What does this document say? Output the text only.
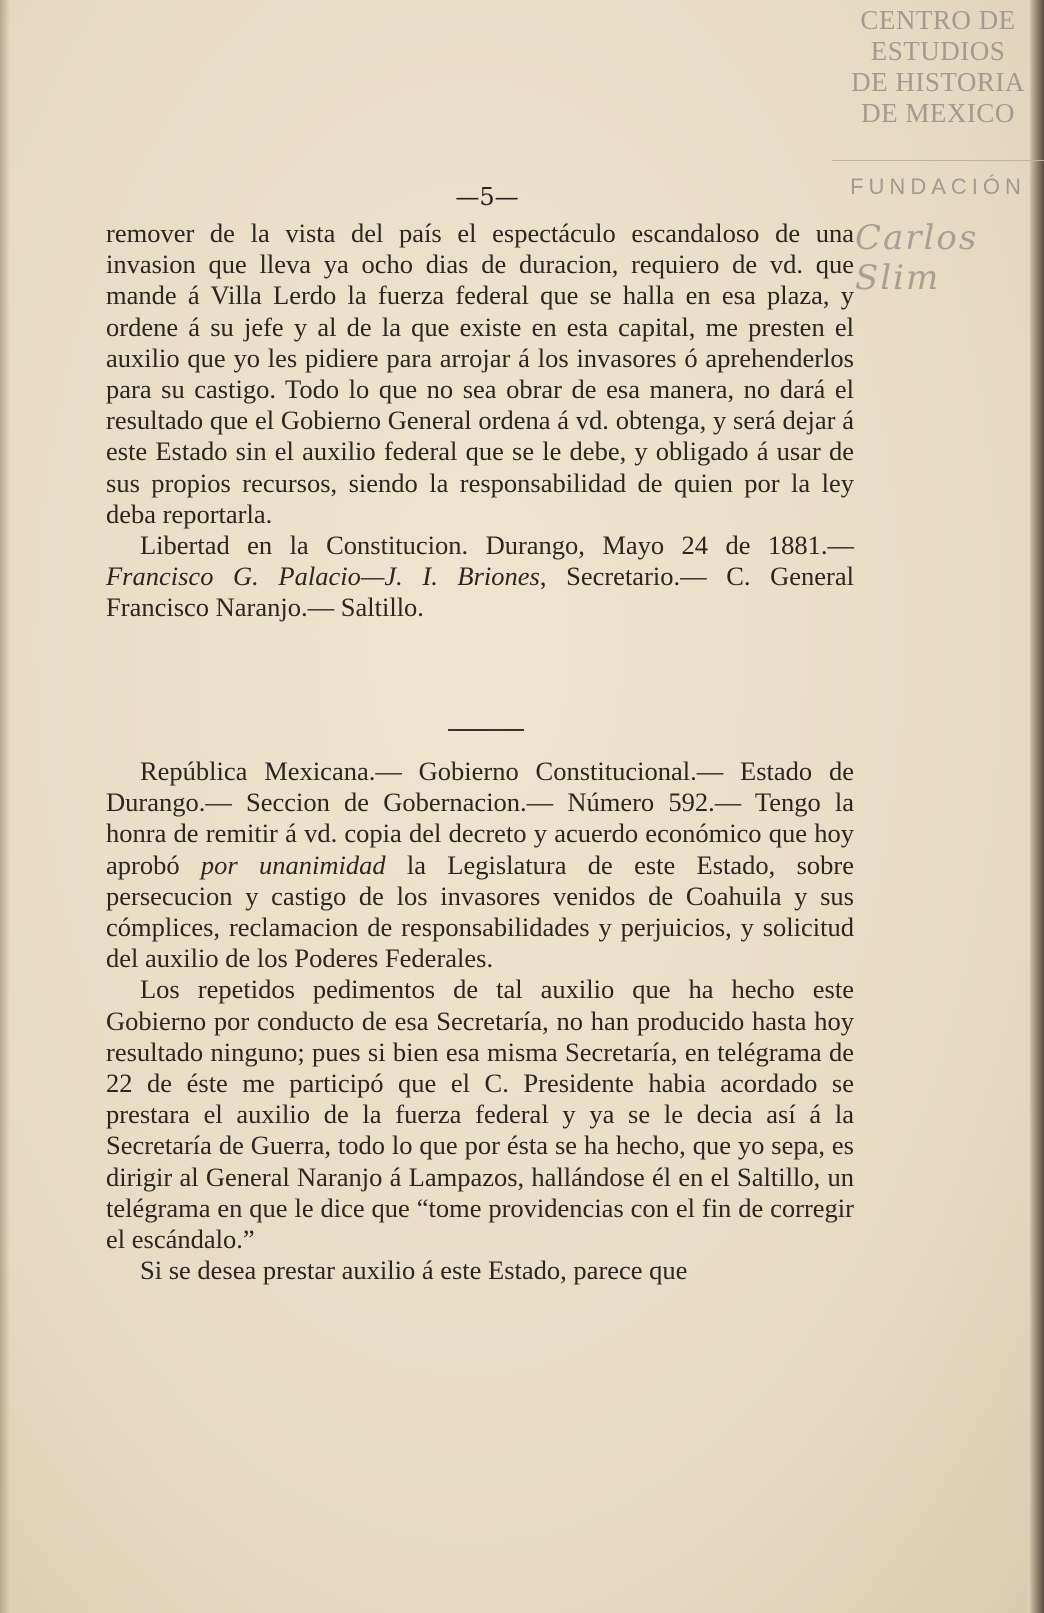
CENTRO DE
ESTUDIOS
DE HISTORIA
DE MEXICO
FUNDACIÓN
Carlos Slim
—5—

remover de la vista del país el espectáculo escandaloso de una invasion que lleva ya ocho dias de duracion, requiero de vd. que mande á Villa Lerdo la fuerza federal que se halla en esa plaza, y ordene á su jefe y al de la que existe en esta capital, me presten el auxilio que yo les pidiere para arrojar á los invasores ó aprehenderlos para su castigo. Todo lo que no sea obrar de esa manera, no dará el resultado que el Gobierno General ordena á vd. obtenga, y será dejar á este Estado sin el auxilio federal que se le debe, y obligado á usar de sus propios recursos, siendo la responsabilidad de quien por la ley deba reportarla.

Libertad en la Constitucion. Durango, Mayo 24 de 1881.—Francisco G. Palacio—J. I. Briones, Secretario.— C. General Francisco Naranjo.— Saltillo.

República Mexicana.— Gobierno Constitucional.— Estado de Durango.— Seccion de Gobernacion.— Número 592.— Tengo la honra de remitir á vd. copia del decreto y acuerdo económico que hoy aprobó por unanimidad la Legislatura de este Estado, sobre persecucion y castigo de los invasores venidos de Coahuila y sus cómplices, reclamacion de responsabilidades y perjuicios, y solicitud del auxilio de los Poderes Federales.

Los repetidos pedimentos de tal auxilio que ha hecho este Gobierno por conducto de esa Secretaría, no han producido hasta hoy resultado ninguno; pues si bien esa misma Secretaría, en telégrama de 22 de éste me participó que el C. Presidente habia acordado se prestara el auxilio de la fuerza federal y ya se le decia así á la Secretaría de Guerra, todo lo que por ésta se ha hecho, que yo sepa, es dirigir al General Naranjo á Lampazos, hallándose él en el Saltillo, un telégrama en que le dice que “tome providencias con el fin de corregir el escándalo.”

Si se desea prestar auxilio á este Estado, parece que
